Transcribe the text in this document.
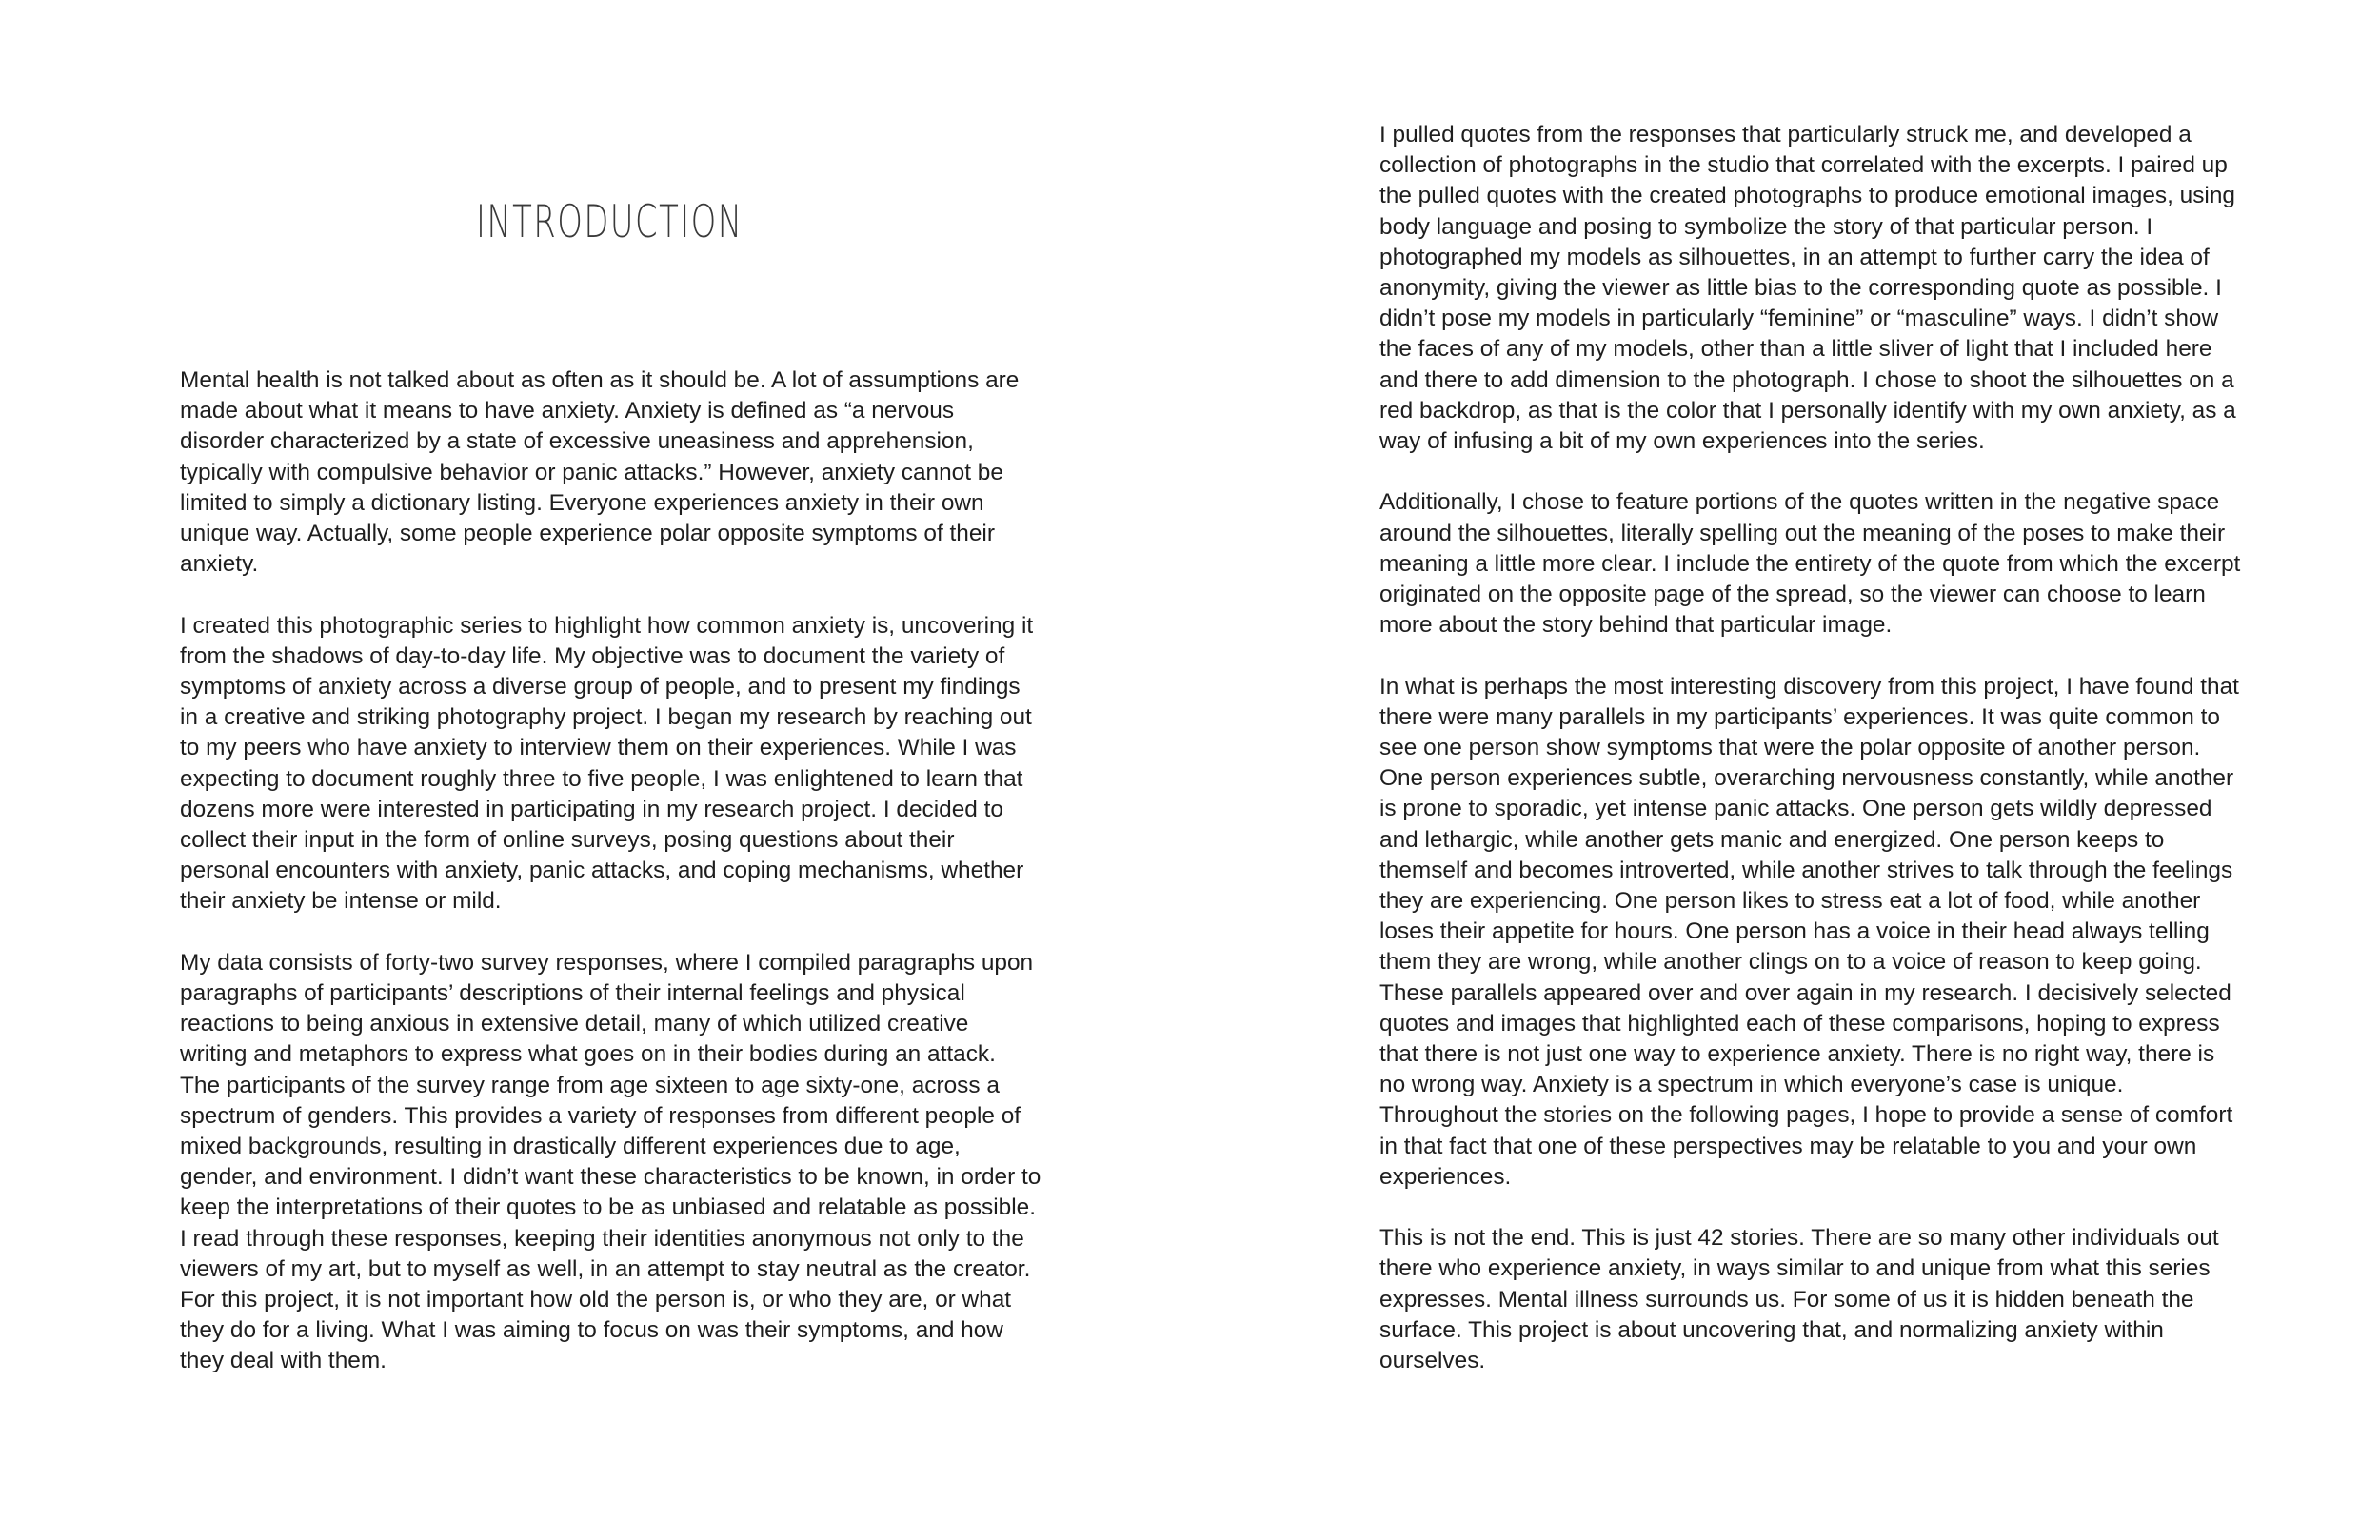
INTRODUCTION

Mental health is not talked about as often as it should be. A lot of assumptions are made about what it means to have anxiety. Anxiety is defined as “a nervous disorder characterized by a state of excessive uneasiness and apprehension, typically with compulsive behavior or panic attacks.” However, anxiety cannot be limited to simply a dictionary listing. Everyone experiences anxiety in their own unique way. Actually, some people experience polar opposite symptoms of their anxiety.

I created this photographic series to highlight how common anxiety is, uncovering it from the shadows of day-to-day life. My objective was to document the variety of symptoms of anxiety across a diverse group of people, and to present my findings in a creative and striking photography project. I began my research by reaching out to my peers who have anxiety to interview them on their experiences. While I was expecting to document roughly three to five people, I was enlightened to learn that dozens more were interested in participating in my research project. I decided to collect their input in the form of online surveys, posing questions about their personal encounters with anxiety, panic attacks, and coping mechanisms, whether their anxiety be intense or mild.

My data consists of forty-two survey responses, where I compiled paragraphs upon paragraphs of participants’ descriptions of their internal feelings and physical reactions to being anxious in extensive detail, many of which utilized creative writing and metaphors to express what goes on in their bodies during an attack. The participants of the survey range from age sixteen to age sixty-one, across a spectrum of genders. This provides a variety of responses from different people of mixed backgrounds, resulting in drastically different experiences due to age, gender, and environment. I didn’t want these characteristics to be known, in order to keep the interpretations of their quotes to be as unbiased and relatable as possible. I read through these responses, keeping their identities anonymous not only to the viewers of my art, but to myself as well, in an attempt to stay neutral as the creator. For this project, it is not important how old the person is, or who they are, or what they do for a living. What I was aiming to focus on was their symptoms, and how they deal with them.

I pulled quotes from the responses that particularly struck me, and developed a collection of photographs in the studio that correlated with the excerpts. I paired up the pulled quotes with the created photographs to produce emotional images, using body language and posing to symbolize the story of that particular person. I photographed my models as silhouettes, in an attempt to further carry the idea of anonymity, giving the viewer as little bias to the corresponding quote as possible. I didn’t pose my models in particularly “feminine” or “masculine” ways. I didn’t show the faces of any of my models, other than a little sliver of light that I included here and there to add dimension to the photograph. I chose to shoot the silhouettes on a red backdrop, as that is the color that I personally identify with my own anxiety, as a way of infusing a bit of my own experiences into the series.

Additionally, I chose to feature portions of the quotes written in the negative space around the silhouettes, literally spelling out the meaning of the poses to make their meaning a little more clear. I include the entirety of the quote from which the excerpt originated on the opposite page of the spread, so the viewer can choose to learn more about the story behind that particular image.

In what is perhaps the most interesting discovery from this project, I have found that there were many parallels in my participants’ experiences. It was quite common to see one person show symptoms that were the polar opposite of another person. One person experiences subtle, overarching nervousness constantly, while another is prone to sporadic, yet intense panic attacks. One person gets wildly depressed and lethargic, while another gets manic and energized. One person keeps to themself and becomes introverted, while another strives to talk through the feelings they are experiencing. One person likes to stress eat a lot of food, while another loses their appetite for hours. One person has a voice in their head always telling them they are wrong, while another clings on to a voice of reason to keep going. These parallels appeared over and over again in my research. I decisively selected quotes and images that highlighted each of these comparisons, hoping to express that there is not just one way to experience anxiety. There is no right way, there is no wrong way. Anxiety is a spectrum in which everyone’s case is unique. Throughout the stories on the following pages, I hope to provide a sense of comfort in that fact that one of these perspectives may be relatable to you and your own experiences.

This is not the end. This is just 42 stories. There are so many other individuals out there who experience anxiety, in ways similar to and unique from what this series expresses. Mental illness surrounds us. For some of us it is hidden beneath the surface. This project is about uncovering that, and normalizing anxiety within ourselves.
